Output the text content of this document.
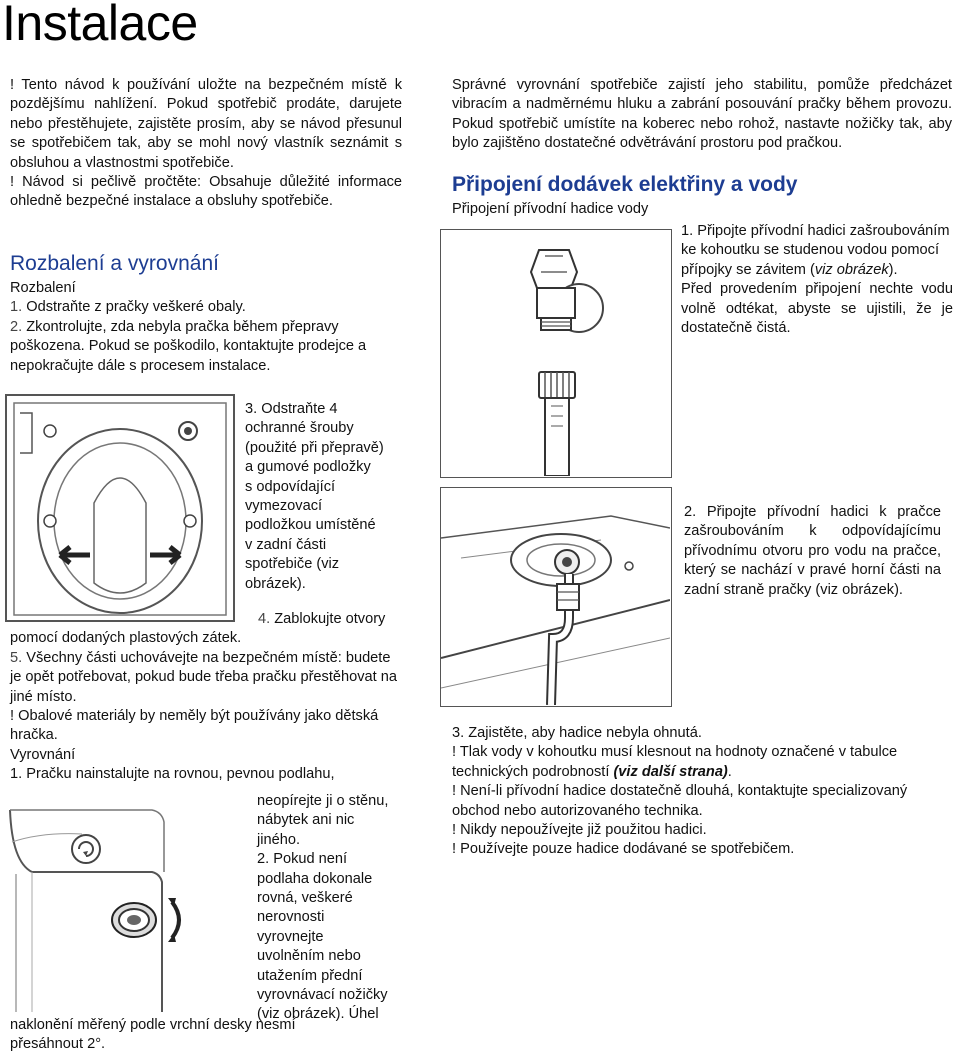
Instalace

! Tento návod k používání uložte na bezpečném místě k pozdějšímu nahlížení. Pokud spotřebič prodáte, darujete nebo přestěhujete, zajistěte prosím, aby se návod přesunul se spotřebičem tak, aby se mohl nový vlastník seznámit s obsluhou a vlastnostmi spotřebiče.

! Návod si pečlivě pročtěte: Obsahuje důležité informace ohledně bezpečné instalace a obsluhy spotřebiče.

Rozbalení a vyrovnání

Rozbalení

1. Odstraňte z pračky veškeré obaly.

2. Zkontrolujte, zda nebyla pračka během přepravy poškozena. Pokud se poškodilo, kontaktujte prodejce a nepokračujte dále s procesem instalace.

3. Odstraňte 4

ochranné šrouby

(použité při přepravě)

a gumové podložky

s odpovídající

vymezovací

podložkou umístěné

v zadní části

spotřebiče (viz

obrázek).

4. Zablokujte otvory

pomocí dodaných plastových zátek.

5. Všechny části uchovávejte na bezpečném místě: budete je opět potřebovat, pokud bude třeba pračku přestěhovat na jiné místo.

! Obalové materiály by neměly být používány jako dětská hračka.

Vyrovnání

1. Pračku nainstalujte na rovnou, pevnou podlahu,

neopírejte ji o stěnu,

nábytek ani nic

jiného.

2. Pokud není

podlaha dokonale

rovná, veškeré

nerovnosti

vyrovnejte

uvolněním nebo

utažením přední

vyrovnávací nožičky

(viz obrázek). Úhel

naklonění měřený podle vrchní desky nesmí přesáhnout 2°.
Správné vyrovnání spotřebiče zajistí jeho stabilitu, pomůže předcházet vibracím a nadměrnému hluku a zabrání posouvání pračky během provozu. Pokud spotřebič umístíte na koberec nebo rohož, nastavte nožičky tak, aby bylo zajištěno dostatečné odvětrávání prostoru pod pračkou.

Připojení dodávek elektřiny a vody

Připojení přívodní hadice vody

1. Připojte přívodní hadici zašroubováním ke kohoutku se studenou vodou pomocí přípojky se závitem (viz obrázek).

Před provedením připojení nechte vodu volně odtékat, abyste se ujistili, že je dostatečně čistá.

2. Připojte přívodní hadici k pračce zašroubováním k odpovídajícímu přívodnímu otvoru pro vodu na pračce, který se nachází v pravé horní části na zadní straně pračky (viz obrázek).

3. Zajistěte, aby hadice nebyla ohnutá.

! Tlak vody v kohoutku musí klesnout na hodnoty označené v tabulce technických podrobností (viz další strana).

! Není-li přívodní hadice dostatečně dlouhá, kontaktujte specializovaný obchod nebo autorizovaného technika.

! Nikdy nepoužívejte již použitou hadici.

! Používejte pouze hadice dodávané se spotřebičem.
